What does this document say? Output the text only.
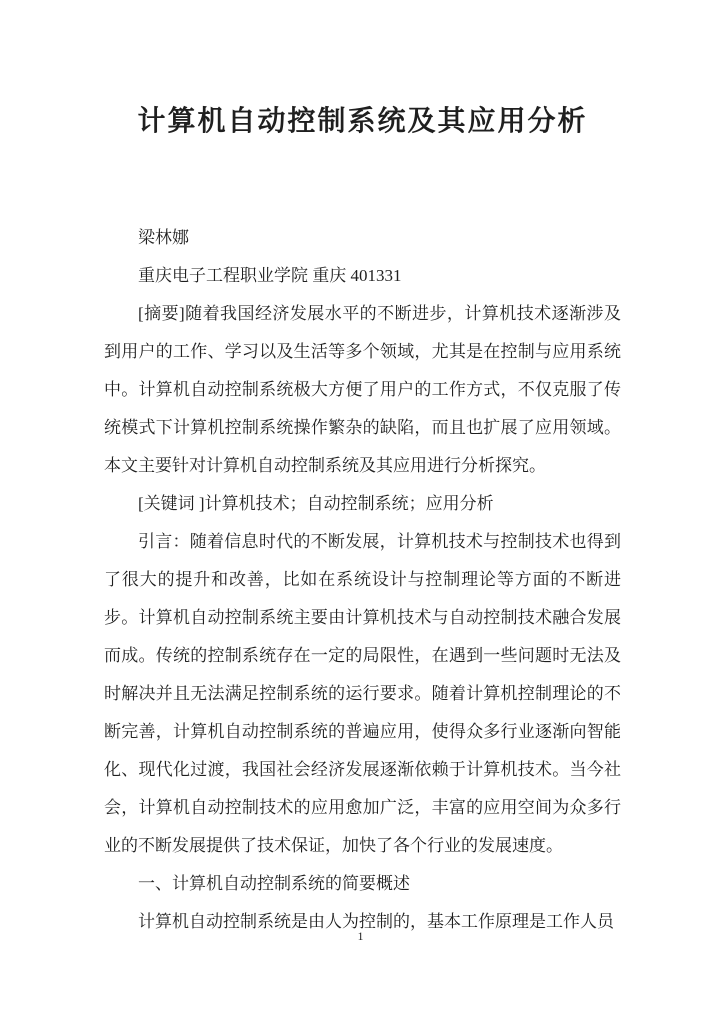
计算机自动控制系统及其应用分析

梁林娜

重庆电子工程职业学院 重庆 401331

[摘要]随着我国经济发展水平的不断进步，计算机技术逐渐涉及到用户的工作、学习以及生活等多个领域，尤其是在控制与应用系统中。计算机自动控制系统极大方便了用户的工作方式，不仅克服了传统模式下计算机控制系统操作繁杂的缺陷，而且也扩展了应用领域。本文主要针对计算机自动控制系统及其应用进行分析探究。

[关键词 ]计算机技术；自动控制系统；应用分析

引言：随着信息时代的不断发展，计算机技术与控制技术也得到了很大的提升和改善，比如在系统设计与控制理论等方面的不断进步。计算机自动控制系统主要由计算机技术与自动控制技术融合发展而成。传统的控制系统存在一定的局限性，在遇到一些问题时无法及时解决并且无法满足控制系统的运行要求。随着计算机控制理论的不断完善，计算机自动控制系统的普遍应用，使得众多行业逐渐向智能化、现代化过渡，我国社会经济发展逐渐依赖于计算机技术。当今社会，计算机自动控制技术的应用愈加广泛，丰富的应用空间为众多行业的不断发展提供了技术保证，加快了各个行业的发展速度。

一、计算机自动控制系统的简要概述

计算机自动控制系统是由人为控制的，基本工作原理是工作人员

1
